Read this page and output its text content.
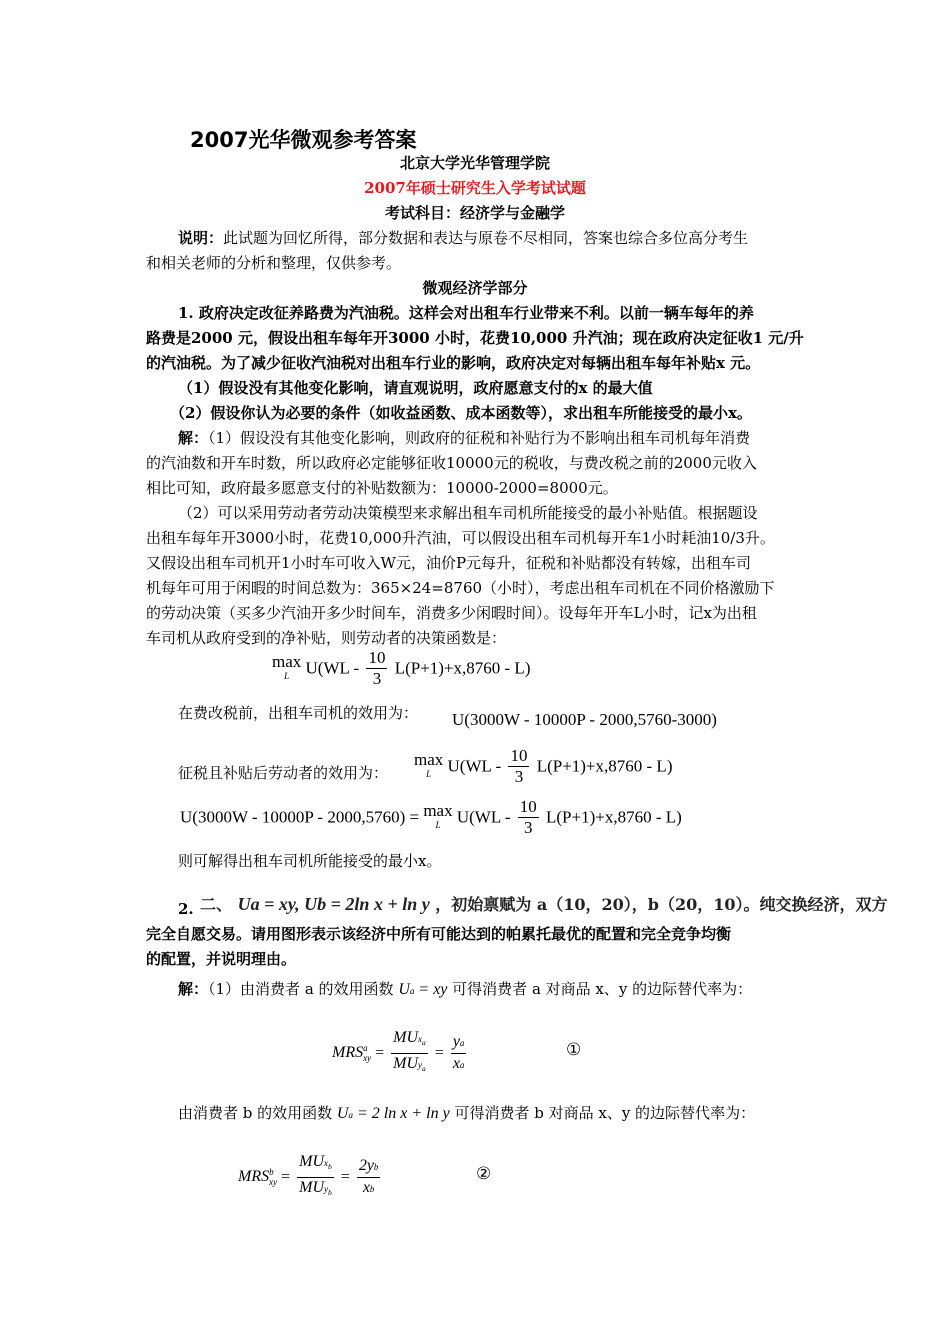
2007光华微观参考答案
北京大学光华管理学院
2007年硕士研究生入学考试试题
考试科目：经济学与金融学
说明：此试题为回忆所得，部分数据和表达与原卷不尽相同，答案也综合多位高分考生
和相关老师的分析和整理，仅供参考。
微观经济学部分
1. 政府决定改征养路费为汽油税。这样会对出租车行业带来不利。以前一辆车每年的养
路费是2000 元，假设出租车每年开3000 小时，花费10,000 升汽油；现在政府决定征收1 元/升
的汽油税。为了减少征收汽油税对出租车行业的影响，政府决定对每辆出租车每年补贴x 元。
（1）假设没有其他变化影响，请直观说明，政府愿意支付的x 的最大值
（2）假设你认为必要的条件（如收益函数、成本函数等），求出租车所能接受的最小x。
解：（1）假设没有其他变化影响，则政府的征税和补贴行为不影响出租车司机每年消费
的汽油数和开车时数，所以政府必定能够征收10000元的税收，与费改税之前的2000元收入
相比可知，政府最多愿意支付的补贴数额为：10000-2000=8000元。
（2）可以采用劳动者劳动决策模型来求解出租车司机所能接受的最小补贴值。根据题设
出租车每年开3000小时，花费10,000升汽油，可以假设出租车司机每开车1小时耗油10/3升。
又假设出租车司机开1小时车可收入W元，油价P元每升，征税和补贴都没有转嫁，出租车司
机每年可用于闲暇的时间总数为：365×24=8760（小时），考虑出租车司机在不同价格激励下
的劳动决策（买多少汽油开多少时间车，消费多少闲暇时间）。设每年开车L小时，记x为出租
车司机从政府受到的净补贴，则劳动者的决策函数是：
max
L $U(WL - \frac{10}{3} L(P+1)+x,8760 - L)$
在费改税前，出租车司机的效用为： U(3000W - 10000P - 2000,5760-3000)
征税且补贴后劳动者的效用为：
max
L $U(WL - \frac{10}{3} L(P+1)+x,8760 - L)$
U(3000W - 10000P - 2000,5760) = max
L $U(WL - \frac{10}{3} L(P+1)+x,8760 - L)$
则可解得出租车司机所能接受的最小x。
2. 二、 Ua = xy, Ub = 2ln x + ln y ，初始禀赋为 a（10，20），b（20，10）。纯交换经济，双方
完全自愿交易。请用图形表示该经济中所有可能达到的帕累托最优的配置和完全竞争均衡
的配置，并说明理由。
解：（1）由消费者 a 的效用函数 Ua = xy 可得消费者 a 对商品 x、y 的边际替代率为：
MRS a
xy = $\frac{MUx_a}{MUy_a} = \frac{ya}{xa}$	①
由消费者 b 的效用函数 Ua = 2 ln x + ln y 可得消费者 b 对商品 x、y 的边际替代率为：
MRS b
xy = $\frac{MUx_b}{MUy_b} = \frac{2yb}{xb}$	②
